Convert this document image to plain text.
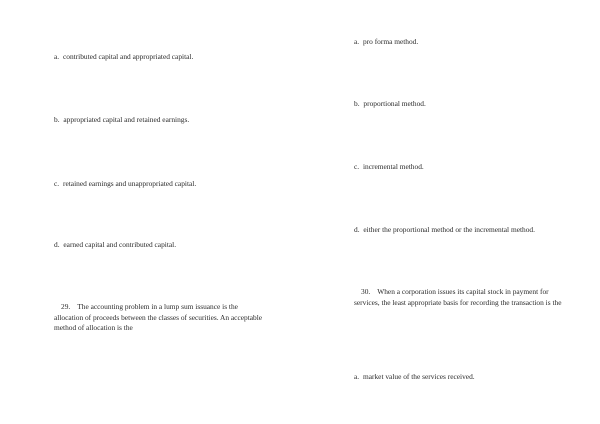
a. contributed capital and appropriated capital.
b. appropriated capital and retained earnings.
c. retained earnings and unappropriated capital.
d. earned capital and contributed capital.
29. The accounting problem in a lump sum issuance is the allocation of proceeds between the classes of securities. An acceptable method of allocation is the
a. pro forma method.
b. proportional method.
c. incremental method.
d. either the proportional method or the incremental method.
30. When a corporation issues its capital stock in payment for services, the least appropriate basis for recording the transaction is the
a. market value of the services received.
